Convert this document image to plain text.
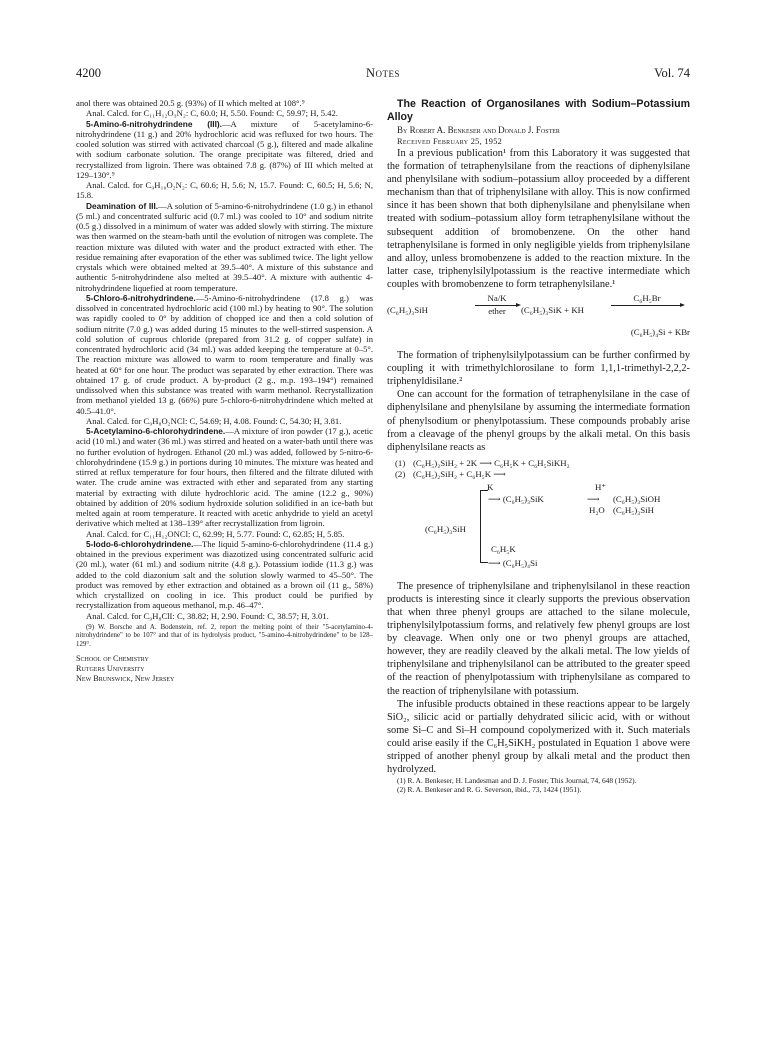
4200	Notes	Vol. 74

anol there was obtained 20.5 g. (93%) of II which melted at 108°.⁹

Anal. Calcd. for C₁₁H₁₂O₃N₂: C, 60.0; H, 5.50. Found: C, 59.97; H, 5.42.

5-Amino-6-nitrohydrindene (III).—A mixture of 5-acetylamino-6-nitrohydrindene (11 g.) and 20% hydrochloric acid was refluxed for two hours. The cooled solution was stirred with activated charcoal (5 g.), filtered and made alkaline with sodium carbonate solution. The orange precipitate was filtered, dried and recrystallized from ligroin. There was obtained 7.8 g. (87%) of III which melted at 129–130°.⁹

Anal. Calcd. for C₉H₁₀O₂N₂: C, 60.6; H, 5.6; N, 15.7. Found: C, 60.5; H, 5.6; N, 15.8.

Deamination of III.—A solution of 5-amino-6-nitrohydrindene (1.0 g.) in ethanol (5 ml.) and concentrated sulfuric acid (0.7 ml.) was cooled to 10° and sodium nitrite (0.5 g.) dissolved in a minimum of water was added slowly with stirring. The mixture was then warmed on the steam-bath until the evolution of nitrogen was complete. The reaction mixture was diluted with water and the product extracted with ether. The residue remaining after evaporation of the ether was sublimed twice. The light yellow crystals which were obtained melted at 39.5–40°. A mixture of this substance and authentic 5-nitrohydrindene also melted at 39.5–40°. A mixture with authentic 4-nitrohydrindene liquefied at room temperature.

5-Chloro-6-nitrohydrindene.—5-Amino-6-nitrohydrindene (17.8 g.) was dissolved in concentrated hydrochloric acid (100 ml.) by heating to 90°. The solution was rapidly cooled to 0° by addition of chopped ice and then a cold solution of sodium nitrite (7.0 g.) was added during 15 minutes to the well-stirred suspension. A cold solution of cuprous chloride (prepared from 31.2 g. of copper sulfate) in concentrated hydrochloric acid (34 ml.) was added keeping the temperature at 0–5°. The reaction mixture was allowed to warm to room temperature and finally was heated at 60° for one hour. The product was separated by ether extraction. There was obtained 17 g. of crude product. A by-product (2 g., m.p. 193–194°) remained undissolved when this substance was treated with warm methanol. Recrystallization from methanol yielded 13 g. (66%) pure 5-chloro-6-nitrohydrindene which melted at 40.5–41.0°.

Anal. Calcd. for C₉H₈O₂NCl: C, 54.69; H, 4.08. Found: C, 54.30; H, 3.81.

5-Acetylamino-6-chlorohydrindene.—A mixture of iron powder (17 g.), acetic acid (10 ml.) and water (36 ml.) was stirred and heated on a water-bath until there was no further evolution of hydrogen. Ethanol (20 ml.) was added, followed by 5-nitro-6-chlorohydrindene (15.9 g.) in portions during 10 minutes. The mixture was heated and stirred at reflux temperature for four hours, then filtered and the filtrate diluted with water. The crude amine was extracted with ether and separated from any starting material by extracting with dilute hydrochloric acid. The amine (12.2 g., 90%) obtained by addition of 20% sodium hydroxide solution solidified in an ice-bath but melted again at room temperature. It reacted with acetic anhydride to yield an acetyl derivative which melted at 138–139° after recrystallization from ligroin.

Anal. Calcd. for C₁₁H₁₂ONCl: C, 62.99; H, 5.77. Found: C, 62.85; H, 5.85.

5-Iodo-6-chlorohydrindene.—The liquid 5-amino-6-chlorohydrindene (11.4 g.) obtained in the previous experiment was diazotized using concentrated sulfuric acid (20 ml.), water (61 ml.) and sodium nitrite (4.8 g.). Potassium iodide (11.3 g.) was added to the cold diazonium salt and the solution slowly warmed to 45–50°. The product was removed by ether extraction and obtained as a brown oil (11 g., 58%) which crystallized on cooling in ice. This product could be purified by recrystallization from aqueous methanol, m.p. 46–47°.

Anal. Calcd. for C₉H₈ClI: C, 38.82; H, 2.90. Found: C, 38.57; H, 3.01.

(9) W. Borsche and A. Bodenstein, ref. 2, report the melting point of their "5-acetylamino-4-nitrohydrindene" to be 107° and that of its hydrolysis product, "5-amino-4-nitrohydrindene" to be 128–129°.

School of Chemistry
Rutgers University
New Brunswick, New Jersey

The Reaction of Organosilanes with Sodium–Potassium Alloy

By Robert A. Benkeser and Donald J. Foster

Received February 25, 1952

In a previous publication¹ from this Laboratory it was suggested that the formation of tetraphenylsilane from the reactions of diphenylsilane and phenylsilane with sodium–potassium alloy proceeded by a different mechanism than that of triphenylsilane with alloy. This is now confirmed since it has been shown that both diphenylsilane and phenylsilane when treated with sodium–potassium alloy form tetraphenylsilane without the subsequent addition of bromobenzene. On the other hand tetraphenylsilane is formed in only negligible yields from triphenylsilane and alloy, unless bromobenzene is added to the reaction mixture. In the latter case, triphenylsilylpotassium is the reactive intermediate which couples with bromobenzene to form tetraphenylsilane.¹

(C₆H₅)₃SiH
Na/K
ether	(C₆H₅)₃SiK + KH
C₆H₅Br
(C₆H₅)₄Si + KBr

The formation of triphenylsilylpotassium can be further confirmed by coupling it with trimethylchlorosilane to form 1,1,1-trimethyl-2,2,2-triphenyldisilane.²

One can account for the formation of tetraphenylsilane in the case of diphenylsilane and phenylsilane by assuming the intermediate formation of phenylsodium or phenylpotassium. These compounds probably arise from a cleavage of the phenyl groups by the alkali metal. On this basis diphenylsilane reacts as

(1) (C₆H₅)₂SiH₂ + 2K ⟶ C₆H₅K + C₆H₅SiKH₂
(2) (C₆H₅)₂SiH₂ + C₆H₅K ⟶
(C₆H₅)₃SiH
K
⟶ (C₆H₅)₃SiK
H⁺
⟶
H₂O
(C₆H₅)₃SiOH
(C₆H₅)₃SiH
C₆H₅K
⟶ (C₆H₅)₄Si

The presence of triphenylsilane and triphenylsilanol in these reaction products is interesting since it clearly supports the previous observation that when three phenyl groups are attached to the silane molecule, triphenylsilylpotassium forms, and relatively few phenyl groups are lost by cleavage. When only one or two phenyl groups are attached, however, they are readily cleaved by the alkali metal. The low yields of triphenylsilane and triphenylsilanol can be attributed to the greater speed of the reaction of phenylpotassium with triphenylsilane as compared to the reaction of triphenylsilane with potassium.

The infusible products obtained in these reactions appear to be largely SiO₂, silicic acid or partially dehydrated silicic acid, with or without some Si–C and Si–H compound copolymerized with it. Such materials could arise easily if the C₆H₅SiKH₂ postulated in Equation 1 above were stripped of another phenyl group by alkali metal and the product then hydrolyzed.

(1) R. A. Benkeser, H. Landesman and D. J. Foster, This Journal, 74, 648 (1952).

(2) R. A. Benkeser and R. G. Severson, ibid., 73, 1424 (1951).
